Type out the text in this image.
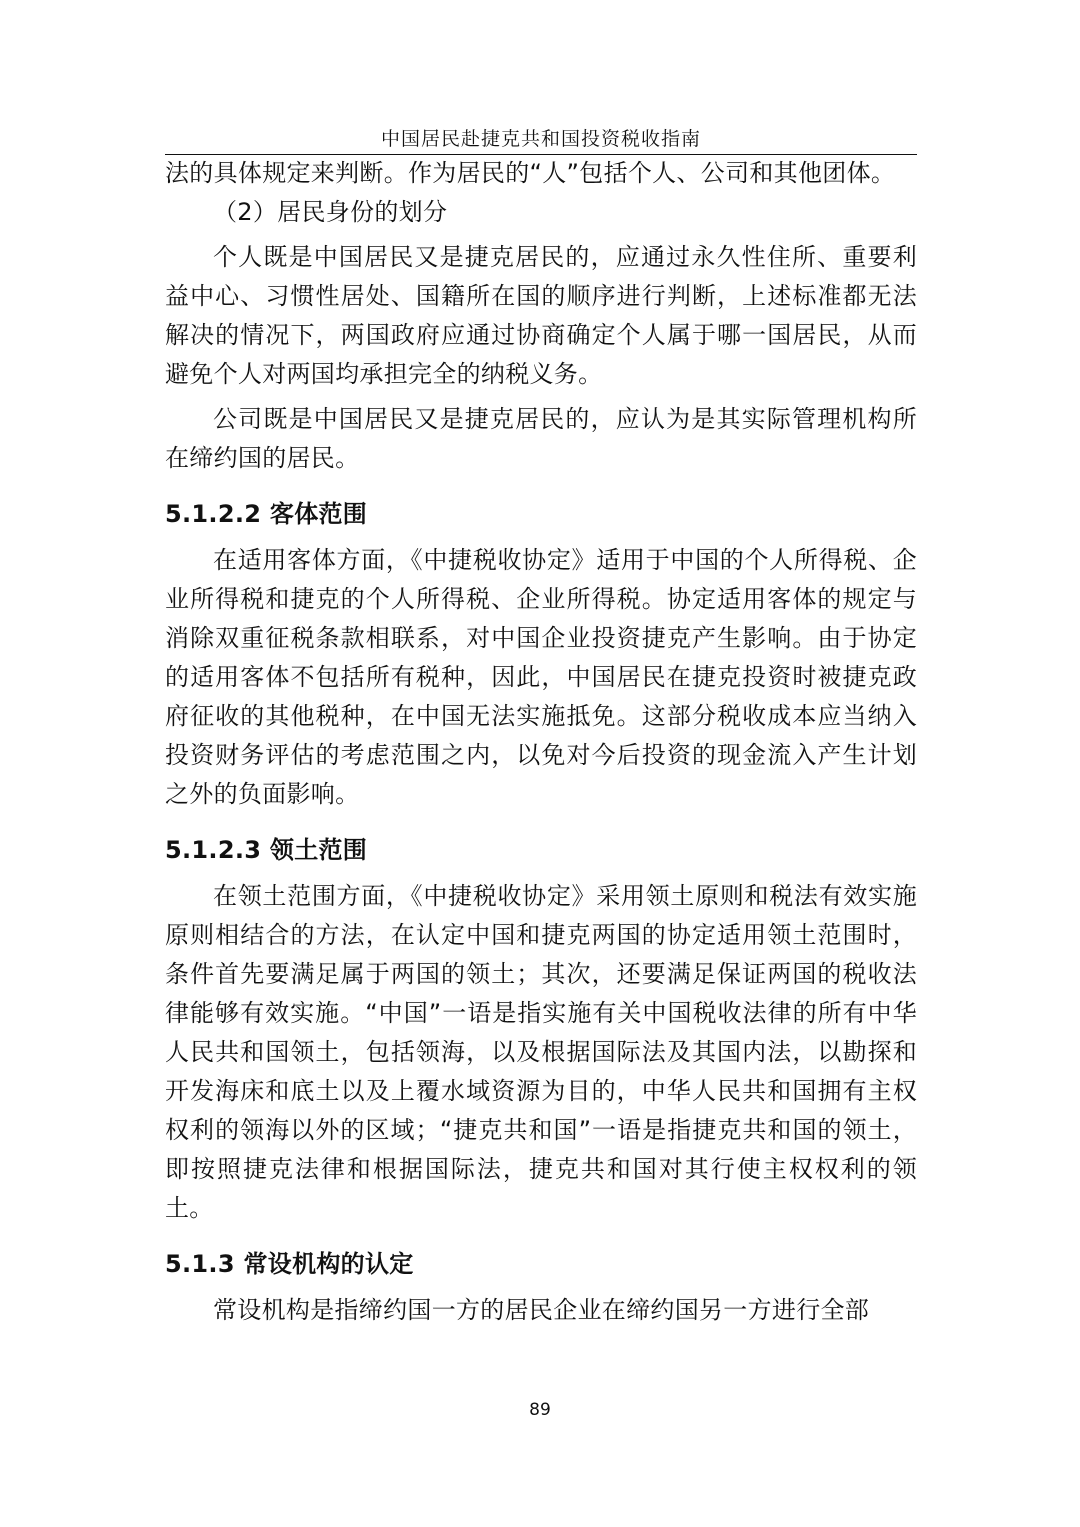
中国居民赴捷克共和国投资税收指南

法的具体规定来判断。作为居民的“人”包括个人、公司和其他团体。

（2）居民身份的划分

个人既是中国居民又是捷克居民的，应通过永久性住所、重要利益中心、习惯性居处、国籍所在国的顺序进行判断，上述标准都无法解决的情况下，两国政府应通过协商确定个人属于哪一国居民，从而避免个人对两国均承担完全的纳税义务。

公司既是中国居民又是捷克居民的，应认为是其实际管理机构所在缔约国的居民。

5.1.2.2 客体范围

在适用客体方面，《中捷税收协定》适用于中国的个人所得税、企业所得税和捷克的个人所得税、企业所得税。协定适用客体的规定与消除双重征税条款相联系，对中国企业投资捷克产生影响。由于协定的适用客体不包括所有税种，因此，中国居民在捷克投资时被捷克政府征收的其他税种，在中国无法实施抵免。这部分税收成本应当纳入投资财务评估的考虑范围之内，以免对今后投资的现金流入产生计划之外的负面影响。

5.1.2.3 领土范围

在领土范围方面，《中捷税收协定》采用领土原则和税法有效实施原则相结合的方法，在认定中国和捷克两国的协定适用领土范围时，条件首先要满足属于两国的领土；其次，还要满足保证两国的税收法律能够有效实施。“中国”一语是指实施有关中国税收法律的所有中华人民共和国领土，包括领海，以及根据国际法及其国内法，以勘探和开发海床和底土以及上覆水域资源为目的，中华人民共和国拥有主权权利的领海以外的区域；“捷克共和国”一语是指捷克共和国的领土，即按照捷克法律和根据国际法，捷克共和国对其行使主权权利的领土。

5.1.3 常设机构的认定

常设机构是指缔约国一方的居民企业在缔约国另一方进行全部

89
